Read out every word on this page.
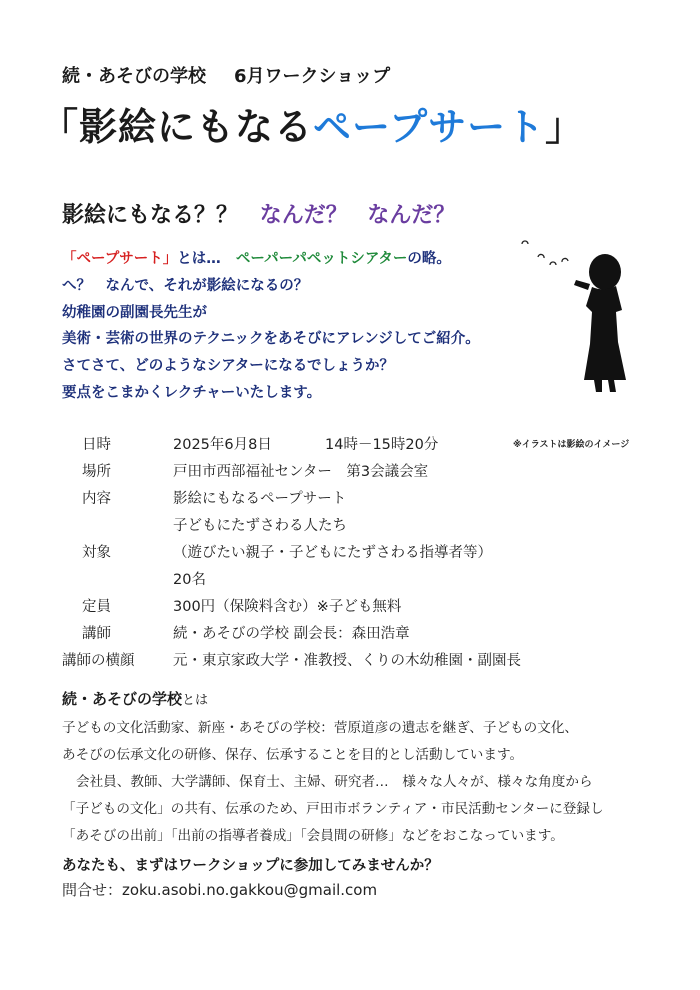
続・あそびの学校 6月ワークショップ
「影絵にもなるペープサート」
影絵にもなる？？ なんだ？ なんだ？
「ペープサート」とは… ペーパーパペットシアターの略。
へ？　なんで、それが影絵になるの？
幼稚園の副園長先生が
美術・芸術の世界のテクニックをあそびにアレンジしてご紹介。
さてさて、どのようなシアターになるでしょうか？
要点をこまかくレクチャーいたします。
※イラストは影絵のイメージ
日時	2025年6月8日	14時－15時20分
場所	戸田市西部福祉センター　第3会議会室
内容	影絵にもなるペープサート
子どもにたずさわる人たち
対象	（遊びたい親子・子どもにたずさわる指導者等）
20名
定員	300円（保険料含む）※子ども無料
講師	続・あそびの学校 副会長：森田浩章
講師の横顔	元・東京家政大学・准教授、くりの木幼稚園・副園長
続・あそびの学校とは
子どもの文化活動家、新座・あそびの学校：菅原道彦の遺志を継ぎ、子どもの文化、
あそびの伝承文化の研修、保存、伝承することを目的とし活動しています。
会社員、教師、大学講師、保育士、主婦、研究者…　様々な人々が、様々な角度から
「子どもの文化」の共有、伝承のため、戸田市ボランティア・市民活動センターに登録し
「あそびの出前」「出前の指導者養成」「会員間の研修」などをおこなっています。
あなたも、まずはワークショップに参加してみませんか？
問合せ：zoku.asobi.no.gakkou@gmail.com
